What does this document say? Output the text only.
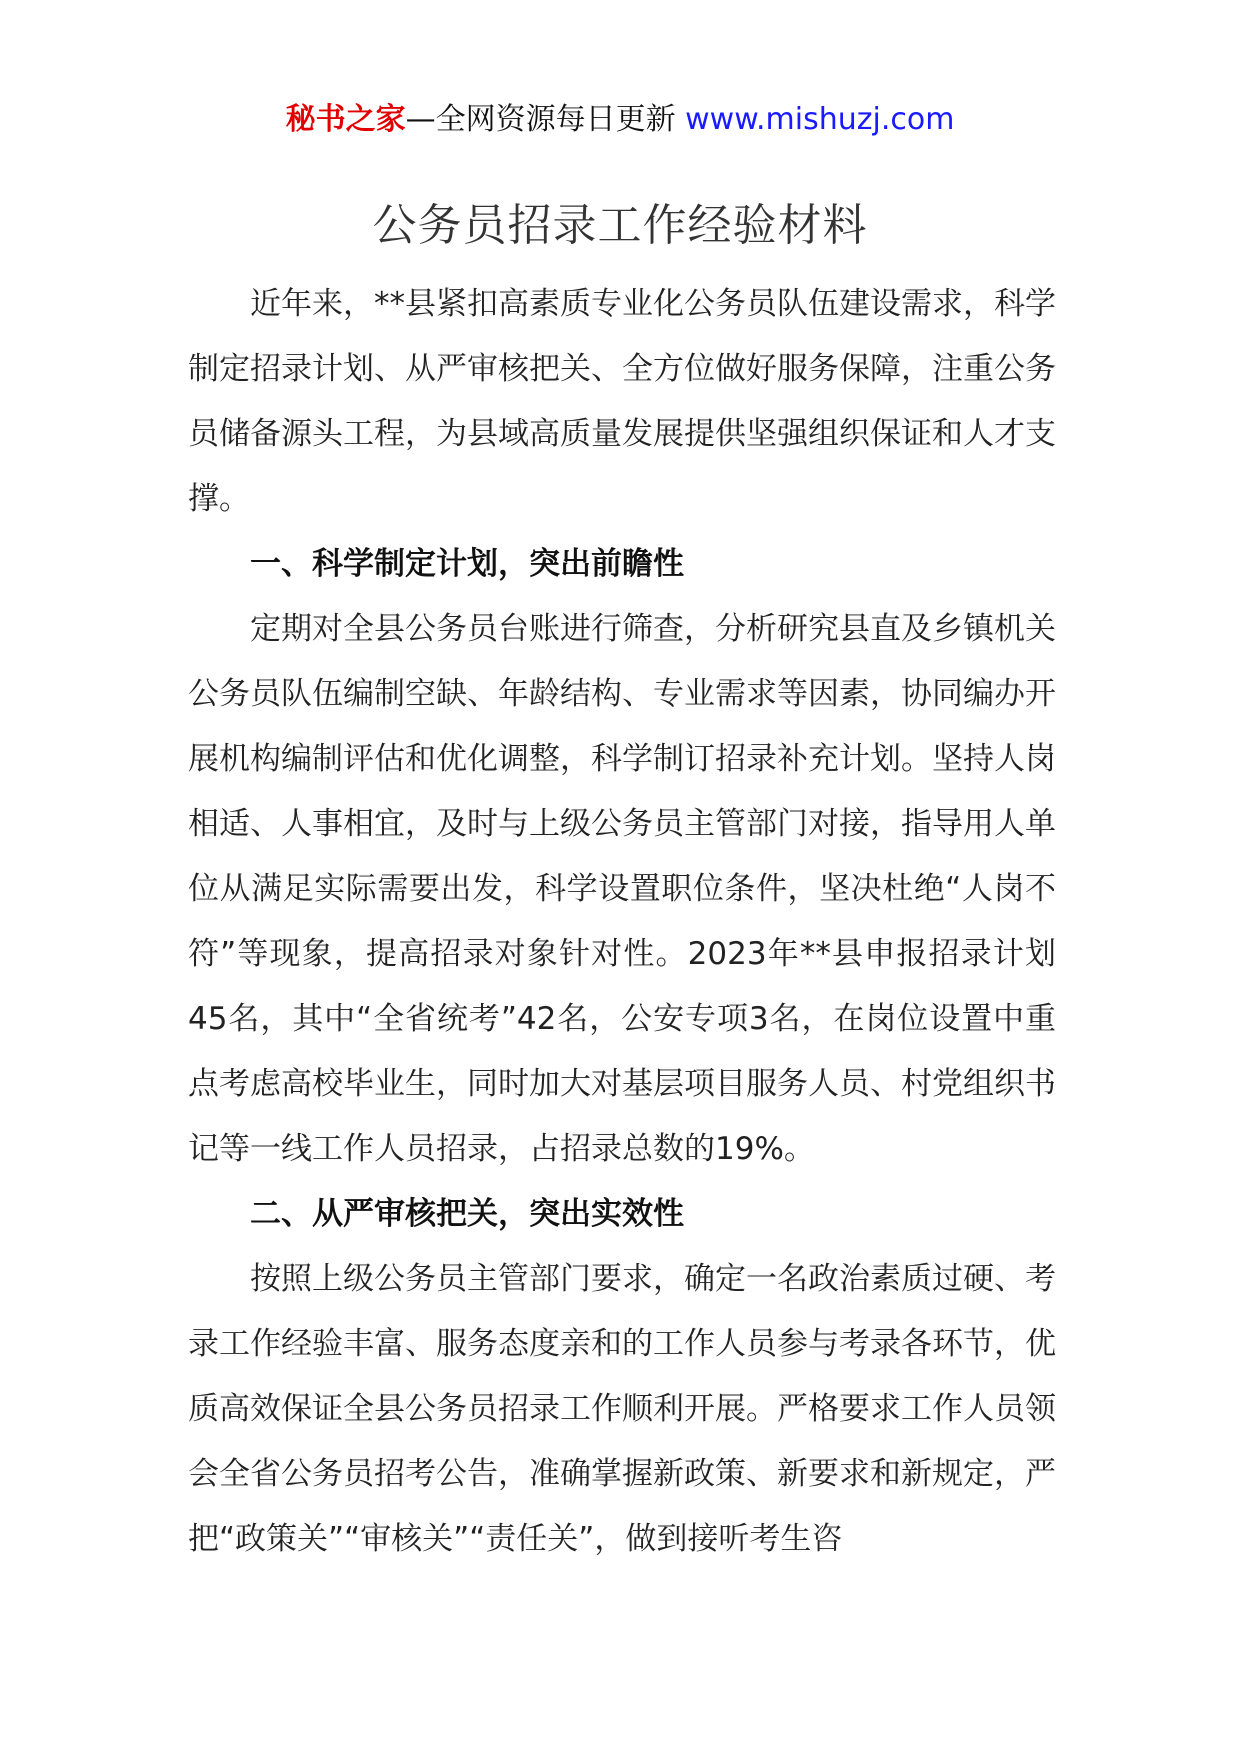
秘书之家—全网资源每日更新 www.mishuzj.com
公务员招录工作经验材料

近年来，**县紧扣高素质专业化公务员队伍建设需求，科学制定招录计划、从严审核把关、全方位做好服务保障，注重公务员储备源头工程，为县域高质量发展提供坚强组织保证和人才支撑。

一、科学制定计划，突出前瞻性

定期对全县公务员台账进行筛查，分析研究县直及乡镇机关公务员队伍编制空缺、年龄结构、专业需求等因素，协同编办开展机构编制评估和优化调整，科学制订招录补充计划。坚持人岗相适、人事相宜，及时与上级公务员主管部门对接，指导用人单位从满足实际需要出发，科学设置职位条件，坚决杜绝“人岗不符”等现象，提高招录对象针对性。2023年**县申报招录计划45名，其中“全省统考”42名，公安专项3名，在岗位设置中重点考虑高校毕业生，同时加大对基层项目服务人员、村党组织书记等一线工作人员招录，占招录总数的19%。

二、从严审核把关，突出实效性

按照上级公务员主管部门要求，确定一名政治素质过硬、考录工作经验丰富、服务态度亲和的工作人员参与考录各环节，优质高效保证全县公务员招录工作顺利开展。严格要求工作人员领会全省公务员招考公告，准确掌握新政策、新要求和新规定，严把“政策关”“审核关”“责任关”，做到接听考生咨
